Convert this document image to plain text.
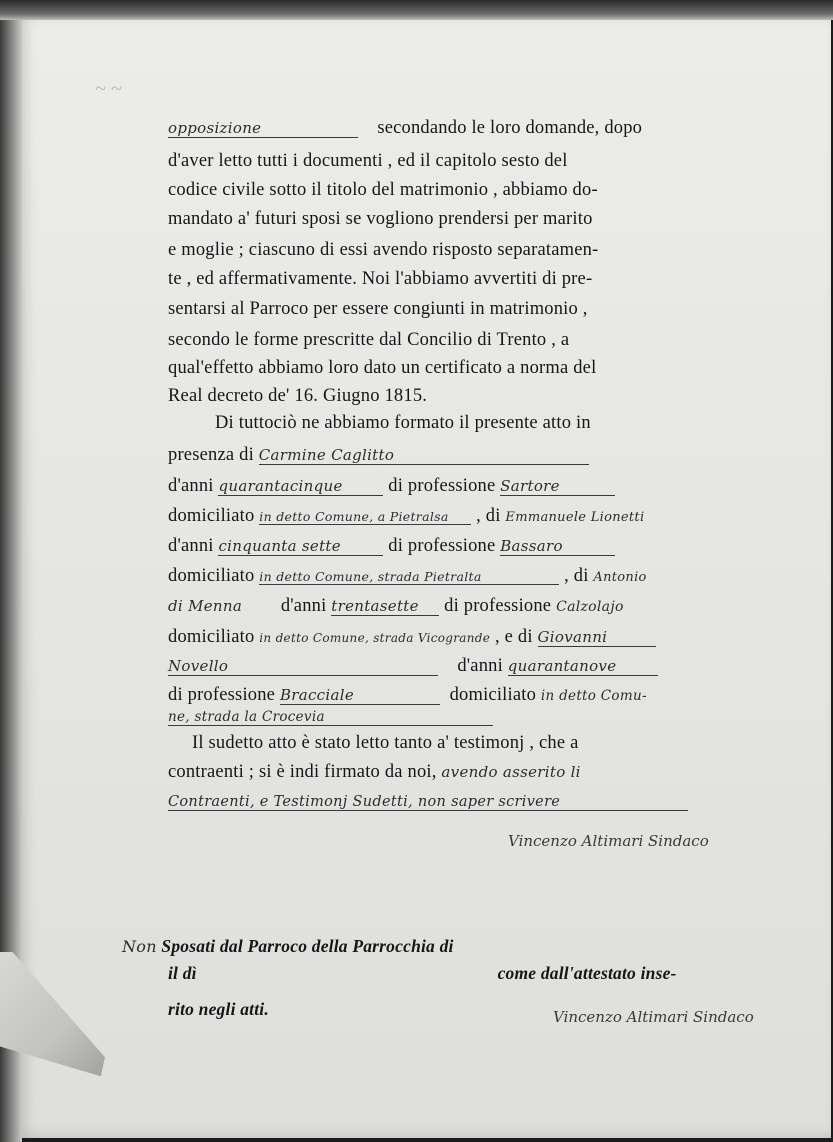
~ ~

opposizione	secondando le loro domande, dopo
d'aver letto tutti i documenti , ed il capitolo sesto del
codice civile sotto il titolo del matrimonio , abbiamo do-
mandato a' futuri sposi se vogliono prendersi per marito
e moglie ; ciascuno di essi avendo risposto separatamen-
te , ed affermativamente. Noi l'abbiamo avvertiti di pre-
sentarsi al Parroco per essere congiunti in matrimonio ,
secondo le forme prescritte dal Concilio di Trento , a
qual'effetto abbiamo loro dato un certificato a norma del
Real decreto de' 16. Giugno 1815.
Di tuttociò ne abbiamo formato il presente atto in
presenza di Carmine Caglitto
d'anni quarantacinque di professione Sartore
domiciliato in detto Comune, a Pietralsa , di Emmanuele Lionetti
d'anni cinquanta sette	di professione Bassaro
domiciliato in detto Comune, strada Pietralta	, di Antonio
di Menna d'anni trentasette di professione Calzolajo
domiciliato in detto Comune, strada Vicogrande , e di Giovanni
Novello	d'anni quarantanove
di professione Bracciale	domiciliato in detto Comu-
ne, strada la Crocevia
Il sudetto atto è stato letto tanto a' testimonj , che a
contraenti ; si è indi firmato da noi, avendo asserito li
Contraenti, e Testimonj Sudetti, non saper scrivere
Vincenzo Altimari Sindaco
Non Sposati dal Parroco della Parrocchia di
il dì	come dall'attestato inse-
rito negli atti.	Vincenzo Altimari Sindaco
